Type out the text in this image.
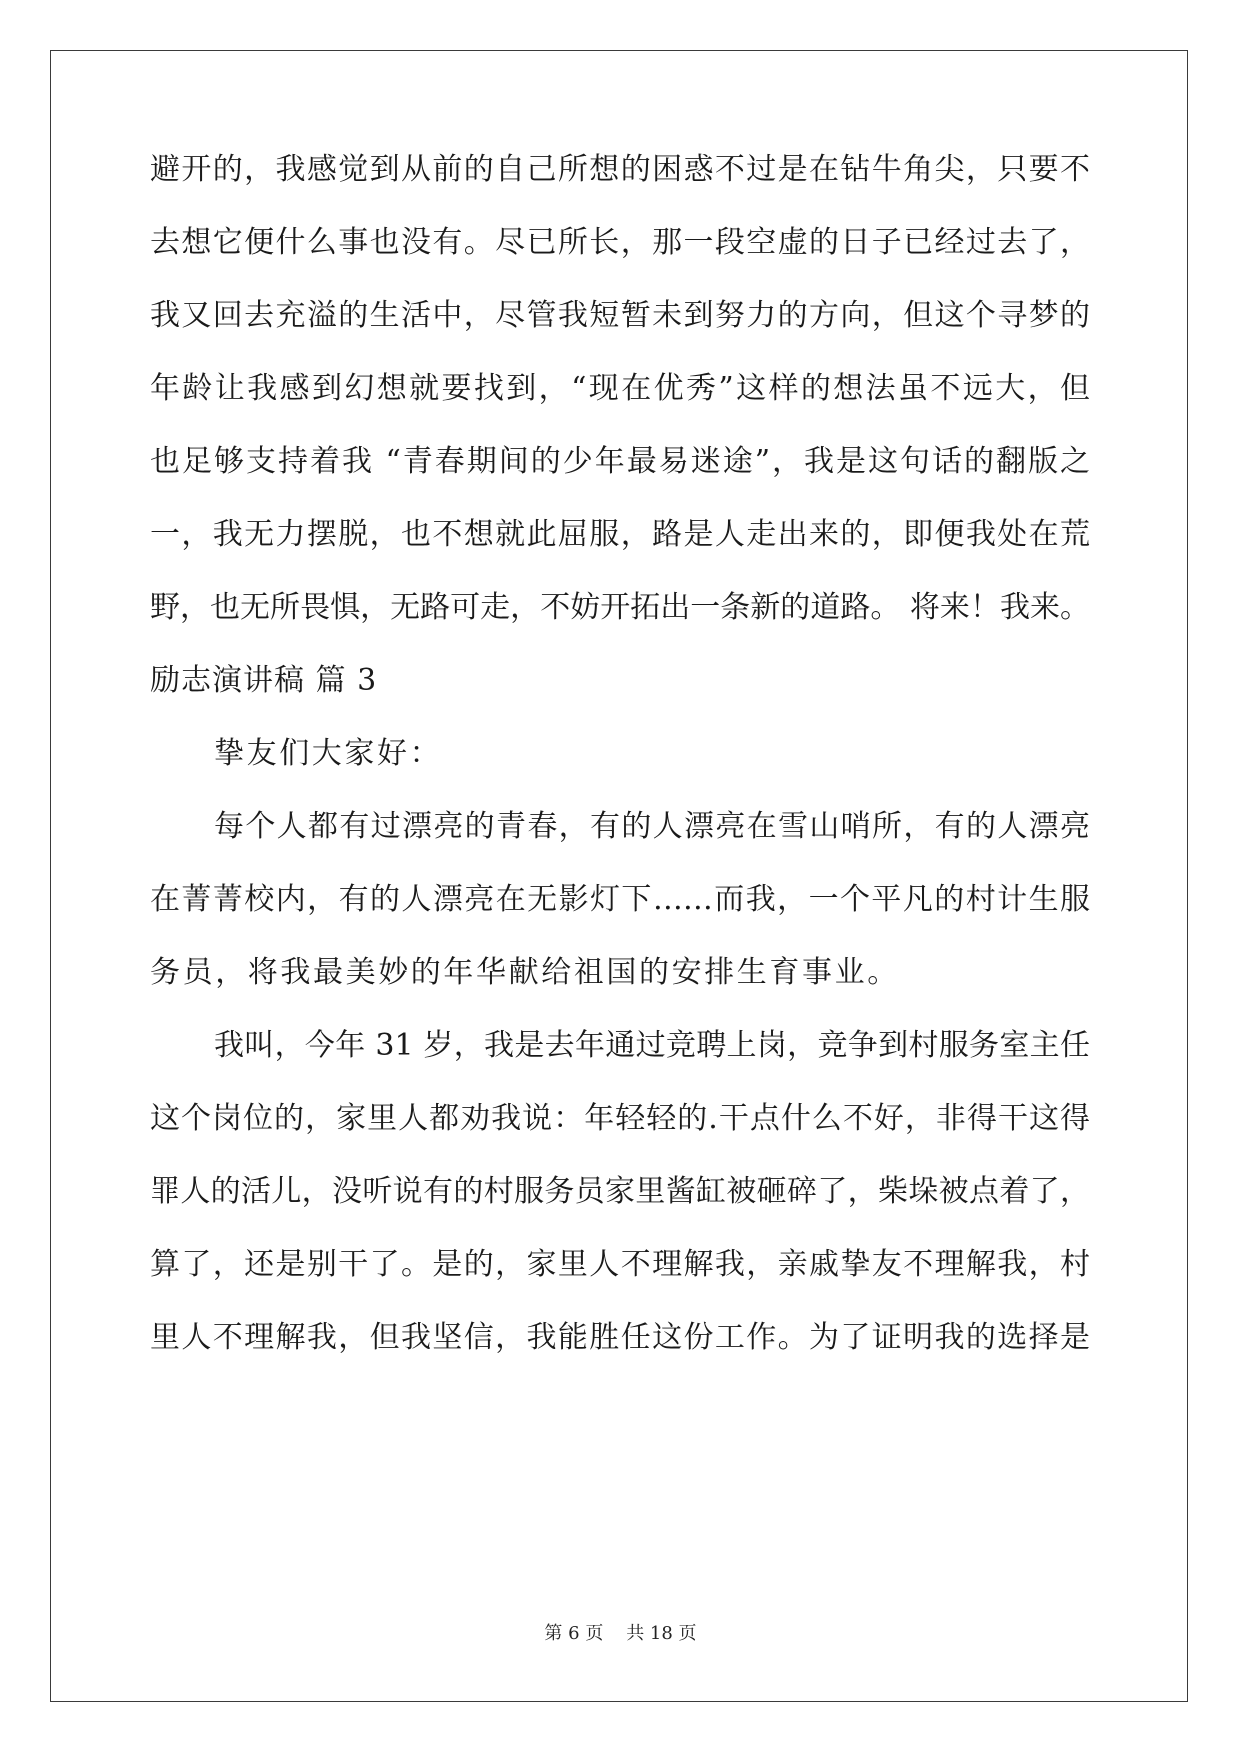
避开的，我感觉到从前的自己所想的困惑不过是在钻牛角尖，只要不
去想它便什么事也没有。尽已所长，那一段空虚的日子已经过去了，
我又回去充溢的生活中，尽管我短暂未到努力的方向，但这个寻梦的
年龄让我感到幻想就要找到，“现在优秀”这样的想法虽不远大，但
也足够支持着我 “青春期间的少年最易迷途”，我是这句话的翻版之
一，我无力摆脱，也不想就此屈服，路是人走出来的，即便我处在荒
野，也无所畏惧，无路可走，不妨开拓出一条新的道路。 将来！我来。
励志演讲稿 篇 3
挚友们大家好：
每个人都有过漂亮的青春，有的人漂亮在雪山哨所，有的人漂亮
在菁菁校内，有的人漂亮在无影灯下……而我，一个平凡的村计生服
务员，将我最美妙的年华献给祖国的安排生育事业。
我叫，今年 31 岁，我是去年通过竞聘上岗，竞争到村服务室主任
这个岗位的，家里人都劝我说：年轻轻的.干点什么不好，非得干这得
罪人的活儿，没听说有的村服务员家里酱缸被砸碎了，柴垛被点着了，
算了，还是别干了。是的，家里人不理解我，亲戚挚友不理解我，村
里人不理解我，但我坚信，我能胜任这份工作。为了证明我的选择是
第 6 页    共 18 页
